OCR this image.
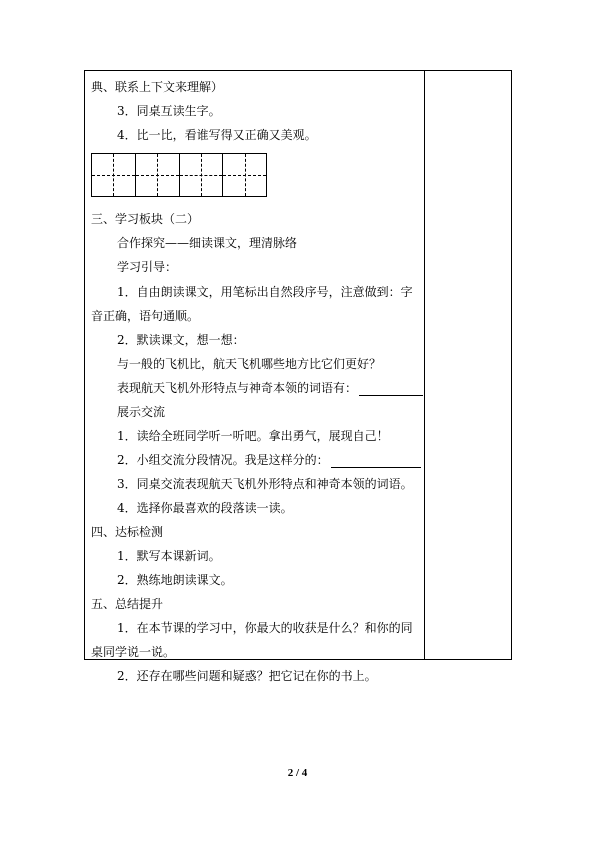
典、联系上下文来理解）
3．同桌互读生字。
4．比一比，看谁写得又正确又美观。
三、学习板块（二）
合作探究——细读课文，理清脉络
学习引导：
1．自由朗读课文，用笔标出自然段序号，注意做到：字
音正确，语句通顺。
2．默读课文，想一想：
与一般的飞机比，航天飞机哪些地方比它们更好？
表现航天飞机外形特点与神奇本领的词语有：
展示交流
1．读给全班同学听一听吧。拿出勇气，展现自己！
2．小组交流分段情况。我是这样分的：
3．同桌交流表现航天飞机外形特点和神奇本领的词语。
4．选择你最喜欢的段落读一读。
四、达标检测
1．默写本课新词。
2．熟练地朗读课文。
五、总结提升
1．在本节课的学习中，你最大的收获是什么？和你的同
桌同学说一说。
2．还存在哪些问题和疑惑？把它记在你的书上。
2 / 4
